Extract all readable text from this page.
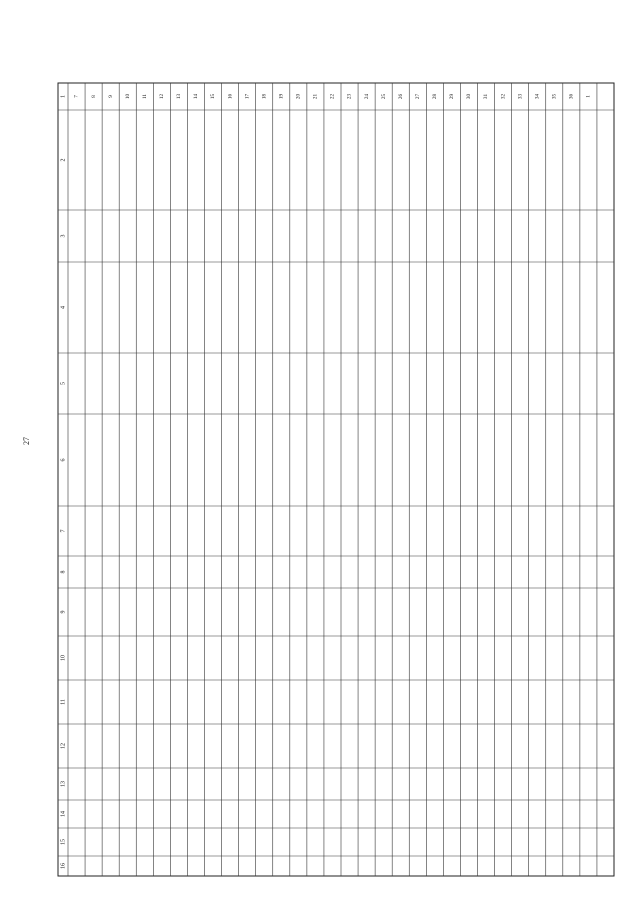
27
1
2
3
4
5
6
7
8
9
10
11
12
13
14
15
16
7 8 9 10 11 12 13 14 15 16 17 18 19 20 21 22 23 24 25 26 27 28 29 30 31 32 33 34 35 36 1
